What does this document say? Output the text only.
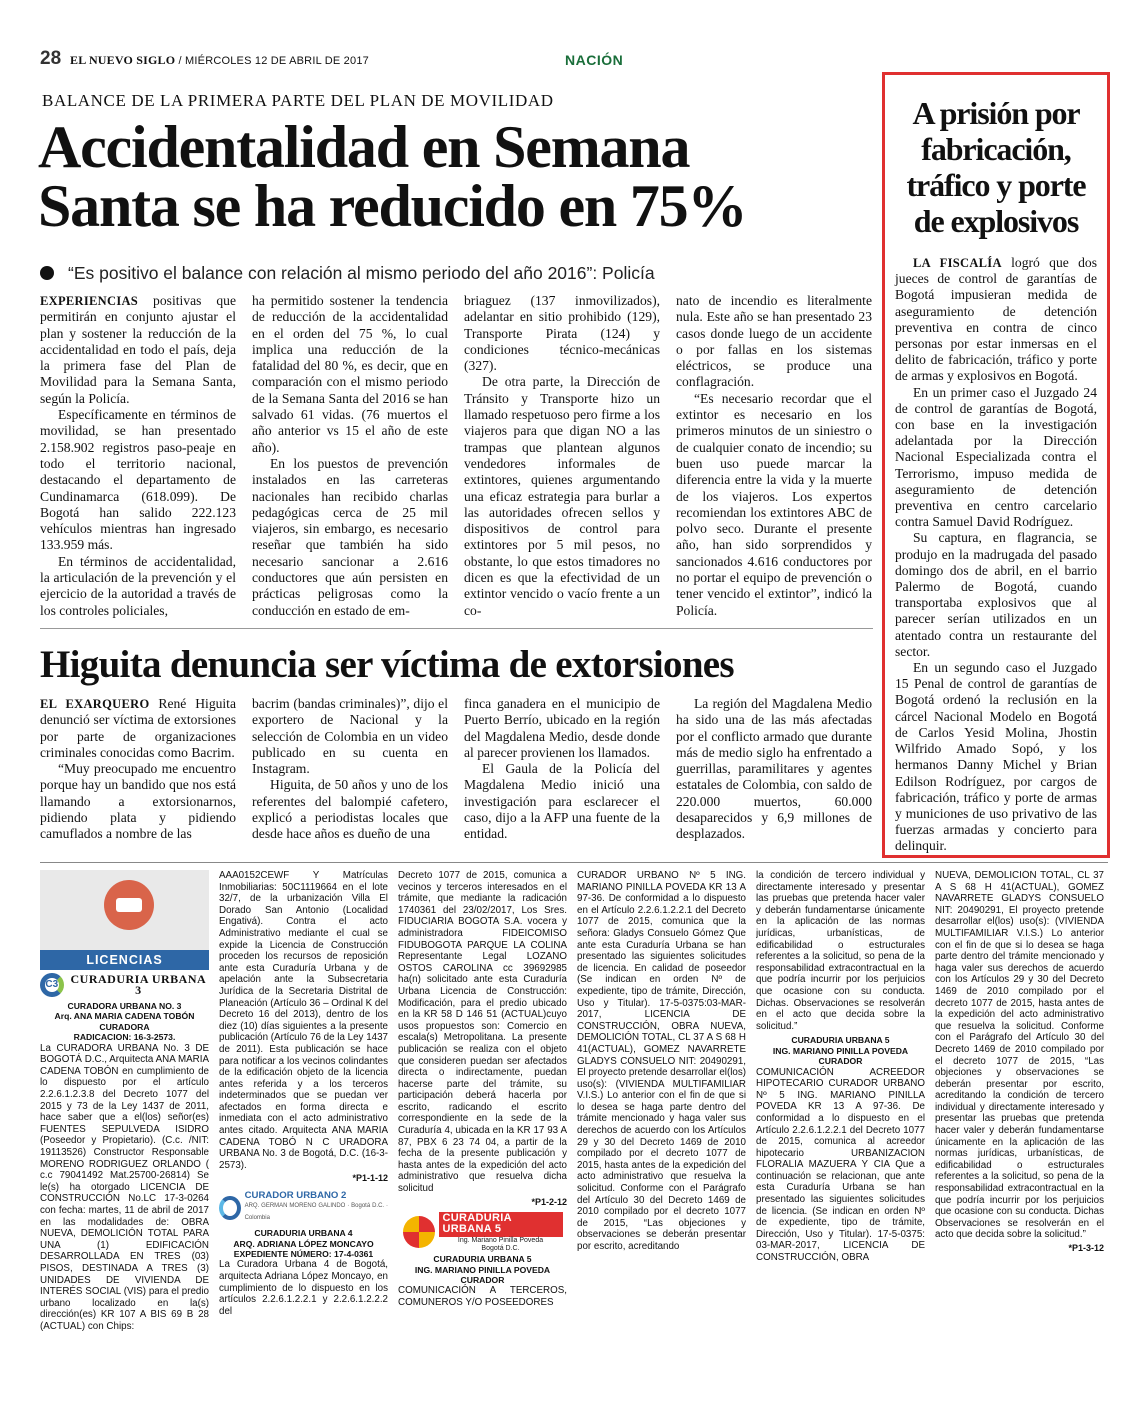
28 EL NUEVO SIGLO / MIÉRCOLES 12 DE ABRIL DE 2017	NACIÓN
BALANCE DE LA PRIMERA PARTE DEL PLAN DE MOVILIDAD
Accidentalidad en Semana
Santa se ha reducido en 75%
“Es positivo el balance con relación al mismo periodo del año 2016”: Policía

EXPERIENCIAS positivas que permitirán en conjunto ajustar el plan y sostener la reducción de la accidentalidad en todo el país, deja la primera fase del Plan de Movilidad para la Semana Santa, según la Policía.

Específicamente en términos de movilidad, se han presentado 2.158.902 registros paso-peaje en todo el territorio nacional, destacando el departamento de Cundinamarca (618.099). De Bogotá han salido 222.123 vehículos mientras han ingresado 133.959 más.

En términos de accidentalidad, la articulación de la prevención y el ejercicio de la autoridad a través de los controles policiales,

ha permitido sostener la tendencia de reducción de la accidentalidad en el orden del 75 %, lo cual implica una reducción de la fatalidad del 80 %, es decir, que en comparación con el mismo periodo de la Semana Santa del 2016 se han salvado 61 vidas. (76 muertos el año anterior vs 15 el año de este año).

En los puestos de prevención instalados en las carreteras nacionales han recibido charlas pedagógicas cerca de 25 mil viajeros, sin embargo, es necesario reseñar que también ha sido necesario sancionar a 2.616 conductores que aún persisten en prácticas peligrosas como la conducción en estado de em-

briaguez (137 inmovilizados), adelantar en sitio prohibido (129), Transporte Pirata (124) y condiciones técnico-mecánicas (327).

De otra parte, la Dirección de Tránsito y Transporte hizo un llamado respetuoso pero firme a los viajeros para que digan NO a las trampas que plantean algunos vendedores informales de extintores, quienes argumentando una eficaz estrategia para burlar a las autoridades ofrecen sellos y dispositivos de control para extintores por 5 mil pesos, no obstante, lo que estos timadores no dicen es que la efectividad de un extintor vencido o vacío frente a un co-

nato de incendio es literalmente nula. Este año se han presentado 23 casos donde luego de un accidente o por fallas en los sistemas eléctricos, se produce una conflagración.

“Es necesario recordar que el extintor es necesario en los primeros minutos de un siniestro o de cualquier conato de incendio; su buen uso puede marcar la diferencia entre la vida y la muerte de los viajeros. Los expertos recomiendan los extintores ABC de polvo seco. Durante el presente año, han sido sorprendidos y sancionados 4.616 conductores por no portar el equipo de prevención o tener vencido el extintor”, indicó la Policía.

Higuita denuncia ser víctima de extorsiones

EL EXARQUERO René Higuita denunció ser víctima de extorsiones por parte de organizaciones criminales conocidas como Bacrim.

“Muy preocupado me encuentro porque hay un bandido que nos está llamando a extorsionarnos, pidiendo plata y pidiendo camuflados a nombre de las

bacrim (bandas criminales)”, dijo el exportero de Nacional y la selección de Colombia en un video publicado en su cuenta en Instagram.

Higuita, de 50 años y uno de los referentes del balompié cafetero, explicó a periodistas locales que desde hace años es dueño de una

finca ganadera en el municipio de Puerto Berrío, ubicado en la región del Magdalena Medio, desde donde al parecer provienen los llamados.

El Gaula de la Policía del Magdalena Medio inició una investigación para esclarecer el caso, dijo a la AFP una fuente de la entidad.

La región del Magdalena Medio ha sido una de las más afectadas por el conflicto armado que durante más de medio siglo ha enfrentado a guerrillas, paramilitares y agentes estatales de Colombia, con saldo de 220.000 muertos, 60.000 desaparecidos y 6,9 millones de desplazados.

A prisión por fabricación, tráfico y porte de explosivos

LA FISCALÍA logró que dos jueces de control de garantías de Bogotá impusieran medida de aseguramiento de detención preventiva en contra de cinco personas por estar inmersas en el delito de fabricación, tráfico y porte de armas y explosivos en Bogotá.

En un primer caso el Juzgado 24 de control de garantías de Bogotá, con base en la investigación adelantada por la Dirección Nacional Especializada contra el Terrorismo, impuso medida de aseguramiento de detención preventiva en centro carcelario contra Samuel David Rodríguez.

Su captura, en flagrancia, se produjo en la madrugada del pasado domingo dos de abril, en el barrio Palermo de Bogotá, cuando transportaba explosivos que al parecer serían utilizados en un atentado contra un restaurante del sector.

En un segundo caso el Juzgado 15 Penal de control de garantías de Bogotá ordenó la reclusión en la cárcel Nacional Modelo en Bogotá de Carlos Yesid Molina, Jhostin Wilfrido Amado Sopó, y los hermanos Danny Michel y Brian Edilson Rodríguez, por cargos de fabricación, tráfico y porte de armas y municiones de uso privativo de las fuerzas armadas y concierto para delinquir.

LICENCIAS
C3	CURADURIA URBANA 3

CURADORA URBANA NO. 3

Arq. ANA MARIA CADENA TOBÓN

CURADORA

RADICACION: 16-3-2573.

La CURADORA URBANA No. 3 DE BOGOTÁ D.C., Arquitecta ANA MARIA CADENA TOBÓN en cumplimiento de lo dispuesto por el artículo 2.2.6.1.2.3.8 del Decreto 1077 del 2015 y 73 de la Ley 1437 de 2011, hace saber que a el(los) señor(es) FUENTES SEPULVEDA ISIDRO (Poseedor y Propietario). (C.c. /NIT: 19113526) Constructor Responsable MORENO RODRIGUEZ ORLANDO ( c.c 79041492 Mat.25700-26814) Se le(s) ha otorgado LICENCIA DE CONSTRUCCIÓN No.LC 17-3-0264 con fecha: martes, 11 de abril de 2017 en las modalidades de: OBRA NUEVA, DEMOLICIÓN TOTAL PARA UNA (1) EDIFICACIÓN DESARROLLADA EN TRES (03) PISOS, DESTINADA A TRES (3) UNIDADES DE VIVIENDA DE INTERÉS SOCIAL (VIS) para el predio urbano localizado en la(s) dirección(es) KR 107 A BIS 69 B 28 (ACTUAL) con Chips:

AAA0152CEWF Y Matrículas Inmobiliarias: 50C1119664 en el lote 32/7, de la urbanización Villa El Dorado San Antonio (Localidad Engativá). Contra el acto Administrativo mediante el cual se expide la Licencia de Construcción proceden los recursos de reposición ante esta Curaduría Urbana y de apelación ante la Subsecretaria Jurídica de la Secretaria Distrital de Planeación (Artículo 36 – Ordinal K del Decreto 16 del 2013), dentro de los diez (10) días siguientes a la presente publicación (Artículo 76 de la Ley 1437 de 2011). Esta publicación se hace para notificar a los vecinos colindantes de la edificación objeto de la licencia antes referida y a los terceros indeterminados que se puedan ver afectados en forma directa e inmediata con el acto administrativo antes citado. Arquitecta ANA MARIA CADENA TOBÓ N C URADORA URBANA No. 3 de Bogotá, D.C. (16-3-2573).

*P1-1-12

CURADOR URBANO 2
ARQ. GERMAN MORENO GALINDO · Bogotá D.C. · Colombia

CURADURIA URBANA 4

ARQ. ADRIANA LÓPEZ MONCAYO

EXPEDIENTE NÚMERO: 17-4-0361

La Curadora Urbana 4 de Bogotá, arquitecta Adriana López Moncayo, en cumplimiento de lo dispuesto en los artículos 2.2.6.1.2.2.1 y 2.2.6.1.2.2.2 del

Decreto 1077 de 2015, comunica a vecinos y terceros interesados en el trámite, que mediante la radicación 1740361 del 23/02/2017, Los Sres. FIDUCIARIA BOGOTA S.A. vocera y administradora FIDEICOMISO FIDUBOGOTA PARQUE LA COLINA Representante Legal LOZANO OSTOS CAROLINA cc 39692985 ha(n) solicitado ante esta Curaduría Urbana Licencia de Construcción: Modificación, para el predio ubicado en la KR 58 D 146 51 (ACTUAL)cuyo usos propuestos son: Comercio en escala(s) Metropolitana. La presente publicación se realiza con el objeto que consideren puedan ser afectados directa o indirectamente, puedan hacerse parte del trámite, su participación deberá hacerla por escrito, radicando el escrito correspondiente en la sede de la Curaduría 4, ubicada en la KR 17 93 A 87, PBX 6 23 74 04, a partir de la fecha de la presente publicación y hasta antes de la expedición del acto administrativo que resuelva dicha solicitud

*P1-2-12

CURADURIA URBANA 5
Ing. Mariano Pinilla Poveda
Bogotá D.C.

CURADURIA URBANA 5

ING. MARIANO PINILLA POVEDA

CURADOR

COMUNICACIÓN A TERCEROS, COMUNEROS Y/O POSEEDORES

CURADOR URBANO Nº 5 ING. MARIANO PINILLA POVEDA KR 13 A 97-36. De conformidad a lo dispuesto en el Artículo 2.2.6.1.2.2.1 del Decreto 1077 de 2015, comunica que la señora: Gladys Consuelo Gómez Que ante esta Curaduría Urbana se han presentado las siguientes solicitudes de licencia. En calidad de poseedor (Se indican en orden Nº de expediente, tipo de trámite, Dirección, Uso y Titular). 17-5-0375:03-MAR-2017, LICENCIA DE CONSTRUCCIÓN, OBRA NUEVA, DEMOLICIÓN TOTAL, CL 37 A S 68 H 41(ACTUAL), GOMEZ NAVARRETE GLADYS CONSUELO NIT: 20490291, El proyecto pretende desarrollar el(los) uso(s): (VIVIENDA MULTIFAMILIAR V.I.S.) Lo anterior con el fin de que si lo desea se haga parte dentro del trámite mencionado y haga valer sus derechos de acuerdo con los Artículos 29 y 30 del Decreto 1469 de 2010 compilado por el decreto 1077 de 2015, hasta antes de la expedición del acto administrativo que resuelva la solicitud. Conforme con el Parágrafo del Artículo 30 del Decreto 1469 de 2010 compilado por el decreto 1077 de 2015, “Las objeciones y observaciones se deberán presentar por escrito, acreditando

la condición de tercero individual y directamente interesado y presentar las pruebas que pretenda hacer valer y deberán fundamentarse únicamente en la aplicación de las normas jurídicas, urbanísticas, de edificabilidad o estructurales referentes a la solicitud, so pena de la responsabilidad extracontractual en la que podría incurrir por los perjuicios que ocasione con su conducta. Dichas. Observaciones se resolverán en el acto que decida sobre la solicitud.”

CURADURIA URBANA 5

ING. MARIANO PINILLA POVEDA

CURADOR

COMUNICACIÓN ACREEDOR HIPOTECARIO CURADOR URBANO Nº 5 ING. MARIANO PINILLA POVEDA KR 13 A 97-36. De conformidad a lo dispuesto en el Artículo 2.2.6.1.2.2.1 del Decreto 1077 de 2015, comunica al acreedor hipotecario URBANIZACION FLORALIA MAZUERA Y CIA Que a continuación se relacionan, que ante esta Curaduría Urbana se han presentado las siguientes solicitudes de licencia. (Se indican en orden Nº de expediente, tipo de trámite, Dirección, Uso y Titular). 17-5-0375: 03-MAR-2017, LICENCIA DE CONSTRUCCIÓN, OBRA

NUEVA, DEMOLICIÓN TOTAL, CL 37 A S 68 H 41(ACTUAL), GOMEZ NAVARRETE GLADYS CONSUELO NIT: 20490291, El proyecto pretende desarrollar el(los) uso(s): (VIVIENDA MULTIFAMILIAR V.I.S.) Lo anterior con el fin de que si lo desea se haga parte dentro del trámite mencionado y haga valer sus derechos de acuerdo con los Artículos 29 y 30 del Decreto 1469 de 2010 compilado por el decreto 1077 de 2015, hasta antes de la expedición del acto administrativo que resuelva la solicitud. Conforme con el Parágrafo del Artículo 30 del Decreto 1469 de 2010 compilado por el decreto 1077 de 2015, “Las objeciones y observaciones se deberán presentar por escrito, acreditando la condición de tercero individual y directamente interesado y presentar las pruebas que pretenda hacer valer y deberán fundamentarse únicamente en la aplicación de las normas jurídicas, urbanísticas, de edificabilidad o estructurales referentes a la solicitud, so pena de la responsabilidad extracontractual en la que podría incurrir por los perjuicios que ocasione con su conducta. Dichas Observaciones se resolverán en el acto que decida sobre la solicitud.”

*P1-3-12
